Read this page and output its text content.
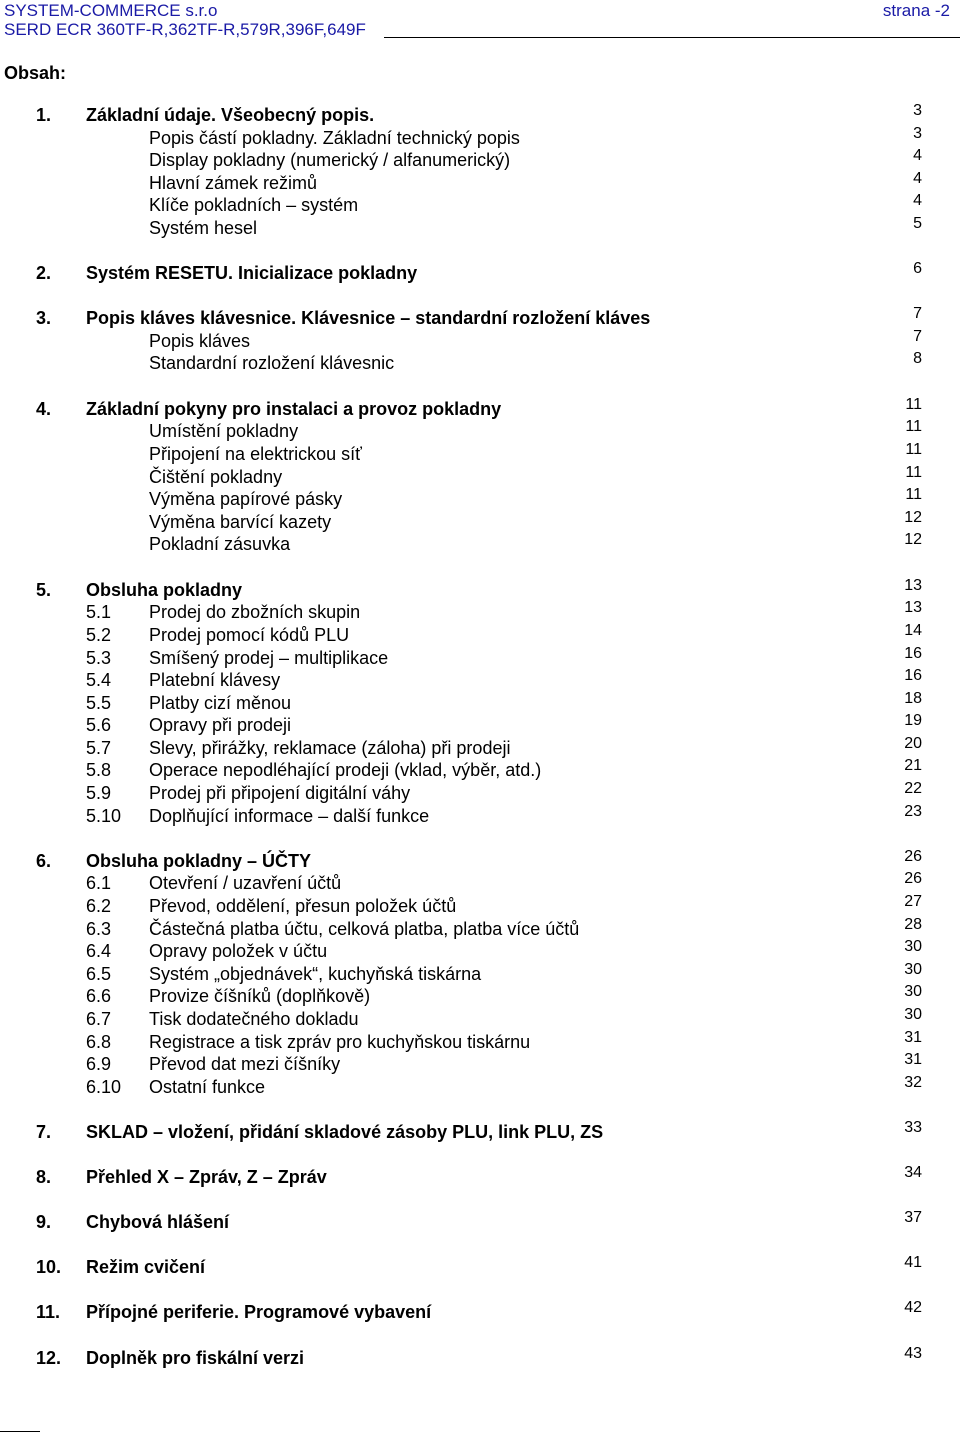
SYSTEM-COMMERCE s.r.o	strana -2
SERD ECR 360TF-R,362TF-R,579R,396F,649F
Obsah:
1. Základní údaje. Všeobecný popis.	3
Popis částí pokladny. Základní technický popis	3
Display pokladny (numerický / alfanumerický)	4
Hlavní zámek režimů	4
Klíče pokladních – systém	4
Systém hesel	5
2. Systém RESETU. Inicializace pokladny	6
3. Popis kláves klávesnice. Klávesnice – standardní rozložení kláves	7
Popis kláves	7
Standardní rozložení klávesnic	8
4. Základní pokyny pro instalaci a provoz pokladny	11
Umístění pokladny	11
Připojení na elektrickou síť	11
Čištění pokladny	11
Výměna papírové pásky	11
Výměna barvící kazety	12
Pokladní zásuvka	12
5. Obsluha pokladny	13
5.1 Prodej do zbožních skupin	13
5.2 Prodej pomocí kódů PLU	14
5.3 Smíšený prodej – multiplikace	16
5.4 Platební klávesy	16
5.5 Platby cizí měnou	18
5.6 Opravy při prodeji	19
5.7 Slevy, přirážky, reklamace (záloha) při prodeji	20
5.8 Operace nepodléhající prodeji (vklad, výběr, atd.)	21
5.9 Prodej při připojení digitální váhy	22
5.10 Doplňující informace – další funkce	23
6. Obsluha pokladny – ÚČTY	26
6.1 Otevření / uzavření účtů	26
6.2 Převod, oddělení, přesun položek účtů	27
6.3 Částečná platba účtu, celková platba, platba více účtů	28
6.4 Opravy položek v účtu	30
6.5 Systém „objednávek“, kuchyňská tiskárna	30
6.6 Provize číšníků (doplňkově)	30
6.7 Tisk dodatečného dokladu	30
6.8 Registrace a tisk zpráv pro kuchyňskou tiskárnu	31
6.9 Převod dat mezi číšníky	31
6.10 Ostatní funkce	32
7. SKLAD – vložení, přidání skladové zásoby PLU, link PLU, ZS	33
8. Přehled X – Zpráv, Z – Zpráv	34
9. Chybová hlášení	37
10. Režim cvičení	41
11. Přípojné periferie. Programové vybavení	42
12. Doplněk pro fiskální verzi	43
